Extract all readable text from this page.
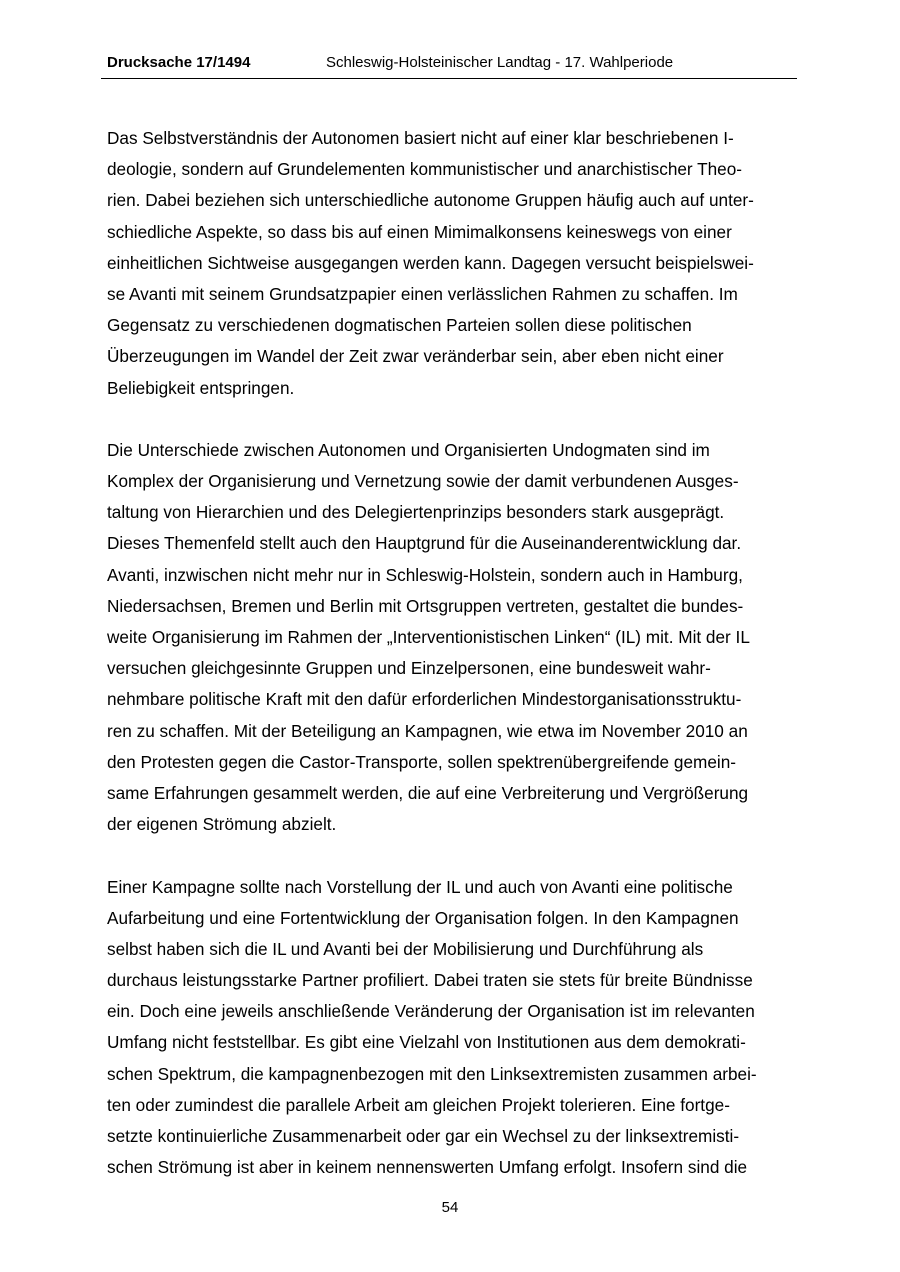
Drucksache 17/1494	Schleswig-Holsteinischer Landtag - 17. Wahlperiode
Das Selbstverständnis der Autonomen basiert nicht auf einer klar beschriebenen I-
deologie, sondern auf Grundelementen kommunistischer und anarchistischer Theo-
rien. Dabei beziehen sich unterschiedliche autonome Gruppen häufig auch auf unter-
schiedliche Aspekte, so dass bis auf einen Mimimalkonsens keineswegs von einer
einheitlichen Sichtweise ausgegangen werden kann. Dagegen versucht beispielswei-
se Avanti mit seinem Grundsatzpapier einen verlässlichen Rahmen zu schaffen. Im
Gegensatz zu verschiedenen dogmatischen Parteien sollen diese politischen
Überzeugungen im Wandel der Zeit zwar veränderbar sein, aber eben nicht einer
Beliebigkeit entspringen.
Die Unterschiede zwischen Autonomen und Organisierten Undogmaten sind im
Komplex der Organisierung und Vernetzung sowie der damit verbundenen Ausges-
taltung von Hierarchien und des Delegiertenprinzips besonders stark ausgeprägt.
Dieses Themenfeld stellt auch den Hauptgrund für die Auseinanderentwicklung dar.
Avanti, inzwischen nicht mehr nur in Schleswig-Holstein, sondern auch in Hamburg,
Niedersachsen, Bremen und Berlin mit Ortsgruppen vertreten, gestaltet die bundes-
weite Organisierung im Rahmen der „Interventionistischen Linken“ (IL) mit. Mit der IL
versuchen gleichgesinnte Gruppen und Einzelpersonen, eine bundesweit wahr-
nehmbare politische Kraft mit den dafür erforderlichen Mindestorganisationsstruktu-
ren zu schaffen. Mit der Beteiligung an Kampagnen, wie etwa im November 2010 an
den Protesten gegen die Castor-Transporte, sollen spektrenübergreifende gemein-
same Erfahrungen gesammelt werden, die auf eine Verbreiterung und Vergrößerung
der eigenen Strömung abzielt.
Einer Kampagne sollte nach Vorstellung der IL und auch von Avanti eine politische
Aufarbeitung und eine Fortentwicklung der Organisation folgen. In den Kampagnen
selbst haben sich die IL und Avanti bei der Mobilisierung und Durchführung als
durchaus leistungsstarke Partner profiliert. Dabei traten sie stets für breite Bündnisse
ein. Doch eine jeweils anschließende Veränderung der Organisation ist im relevanten
Umfang nicht feststellbar. Es gibt eine Vielzahl von Institutionen aus dem demokrati-
schen Spektrum, die kampagnenbezogen mit den Linksextremisten zusammen arbei-
ten oder zumindest die parallele Arbeit am gleichen Projekt tolerieren. Eine fortge-
setzte kontinuierliche Zusammenarbeit oder gar ein Wechsel zu der linksextremisti-
schen Strömung ist aber in keinem nennenswerten Umfang erfolgt. Insofern sind die
54
